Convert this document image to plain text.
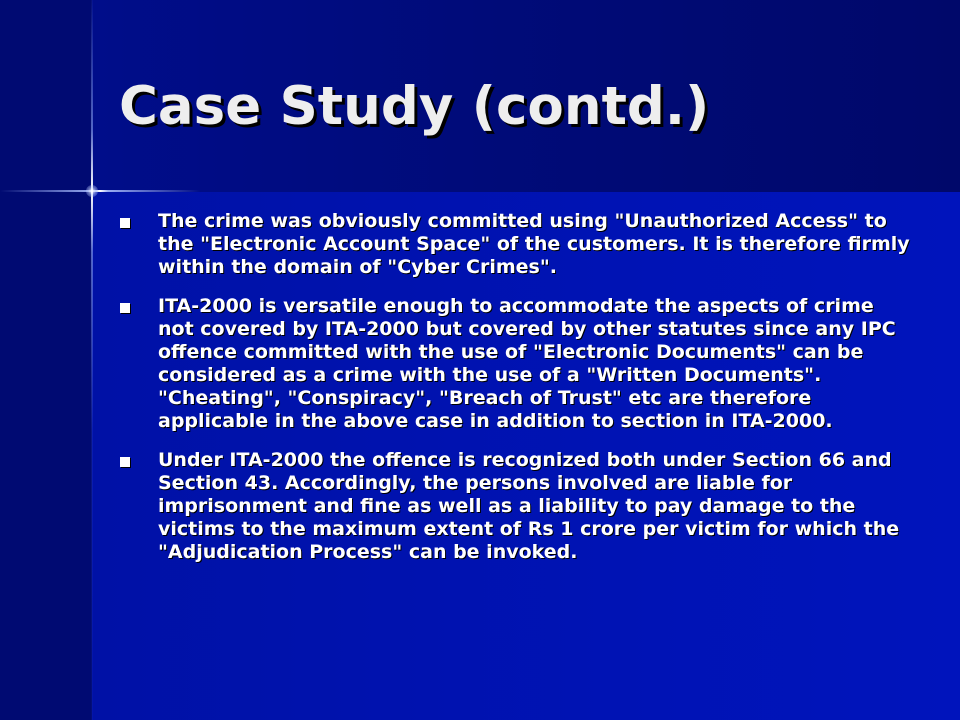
Case Study (contd.)
The crime was obviously committed using "Unauthorized Access" to the "Electronic Account Space" of the customers. It is therefore firmly within the domain of "Cyber Crimes".
ITA-2000 is versatile enough to accommodate the aspects of crime not covered by ITA-2000 but covered by other statutes since any IPC offence committed with the use of "Electronic Documents" can be considered as a crime with the use of a "Written Documents". "Cheating", "Conspiracy", "Breach of Trust" etc are therefore applicable in the above case in addition to section in ITA-2000.
Under ITA-2000 the offence is recognized both under Section 66 and Section 43. Accordingly, the persons involved are liable for imprisonment and fine as well as a liability to pay damage to the victims to the maximum extent of Rs 1 crore per victim for which the "Adjudication Process" can be invoked.
